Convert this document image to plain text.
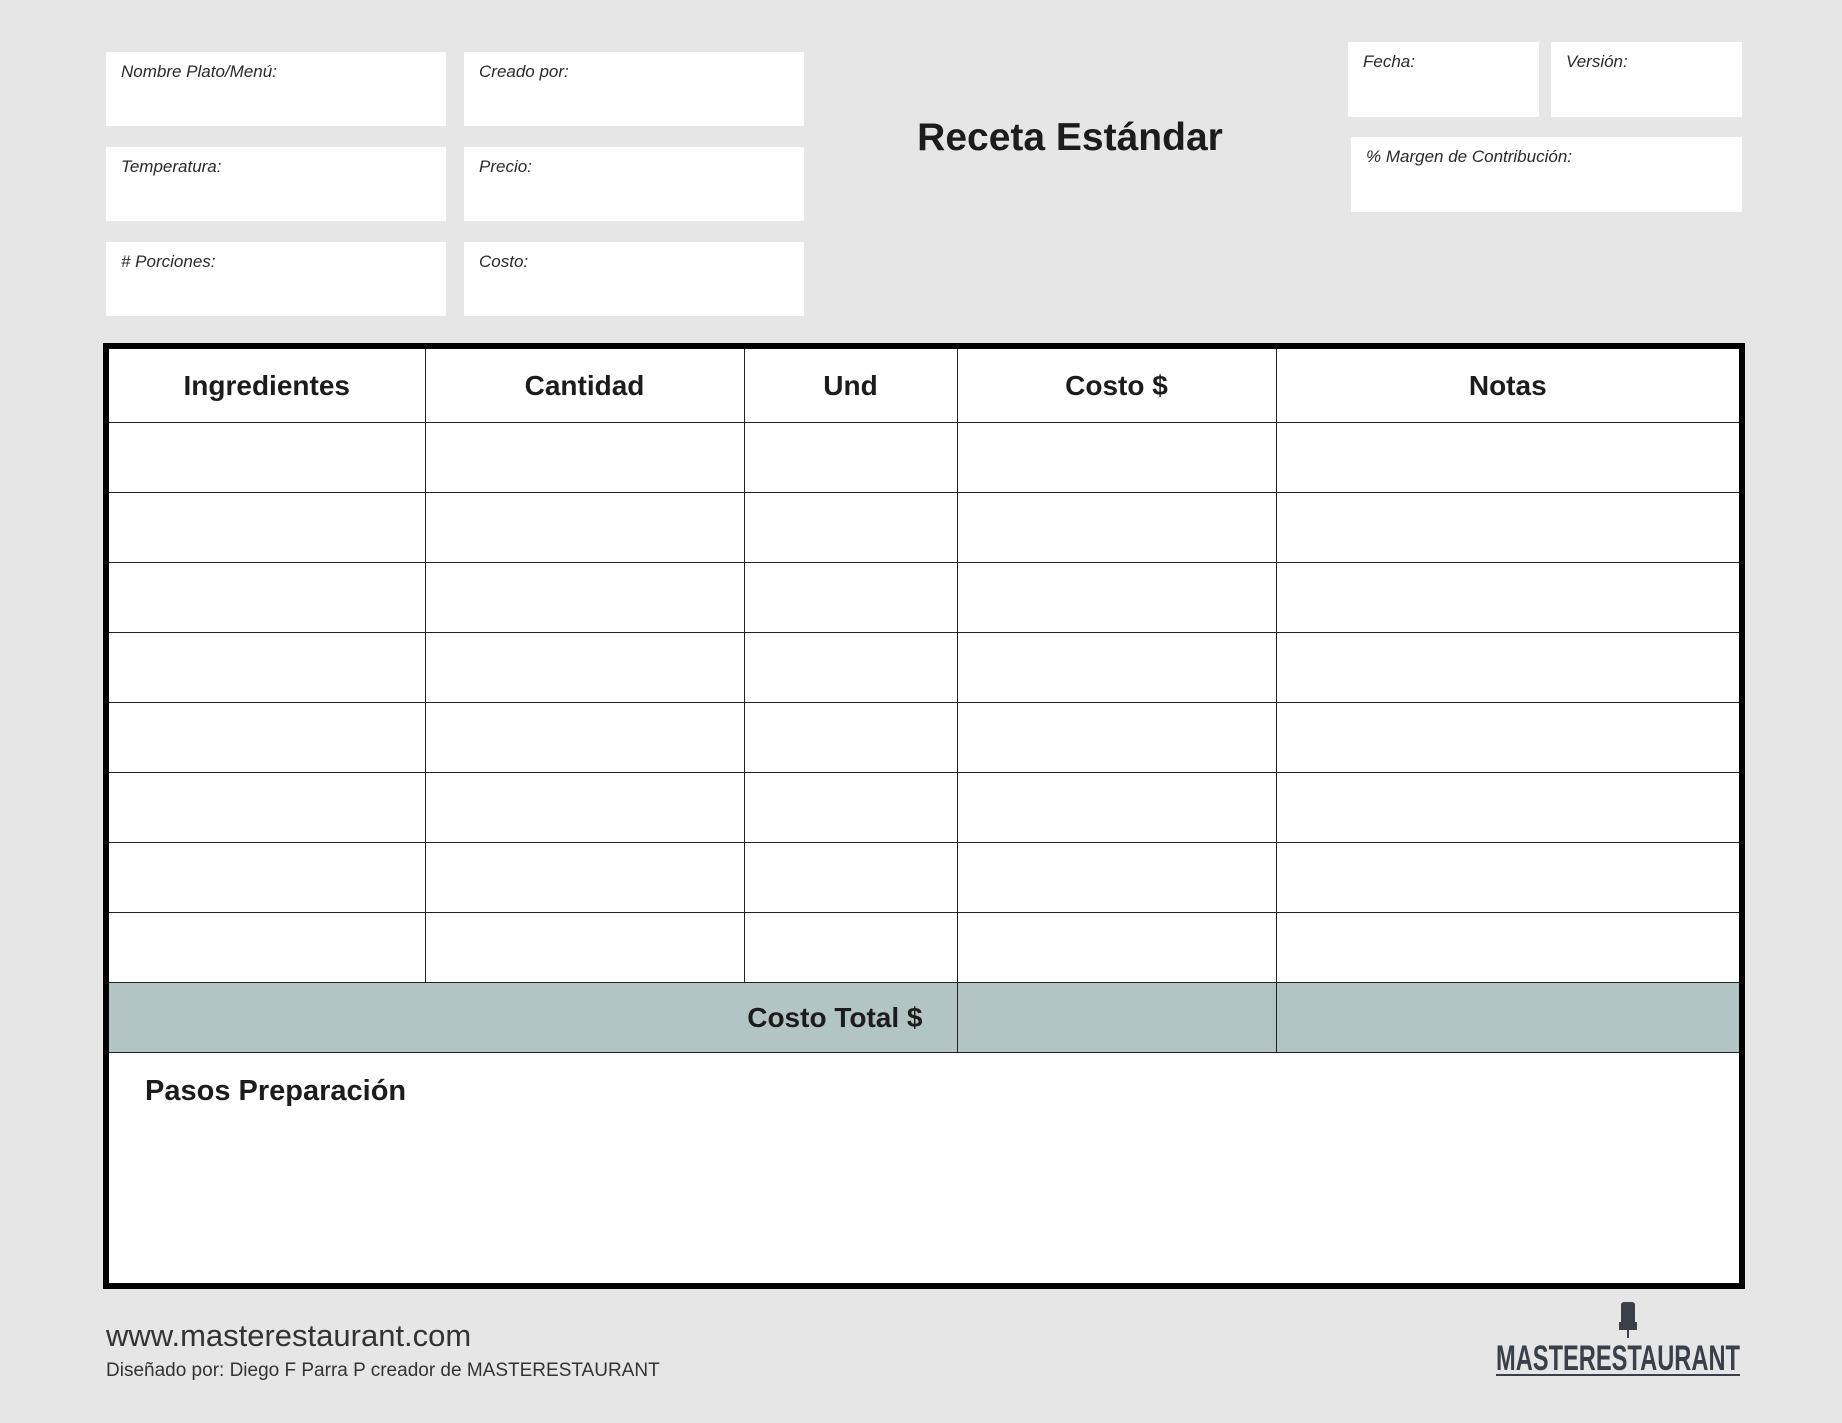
Nombre Plato/Menú:	Creado por:
Temperatura:	Precio:
# Porciones:	Costo:
Receta Estándar
Fecha:	Versión:
% Margen de Contribución:
Ingredientes	Cantidad	Und	Costo $	Notas

Costo Total $				
Pasos Preparación
www.masterestaurant.com
Diseñado por: Diego F Parra P creador de MASTERESTAURANT	MASTERESTAURANT
